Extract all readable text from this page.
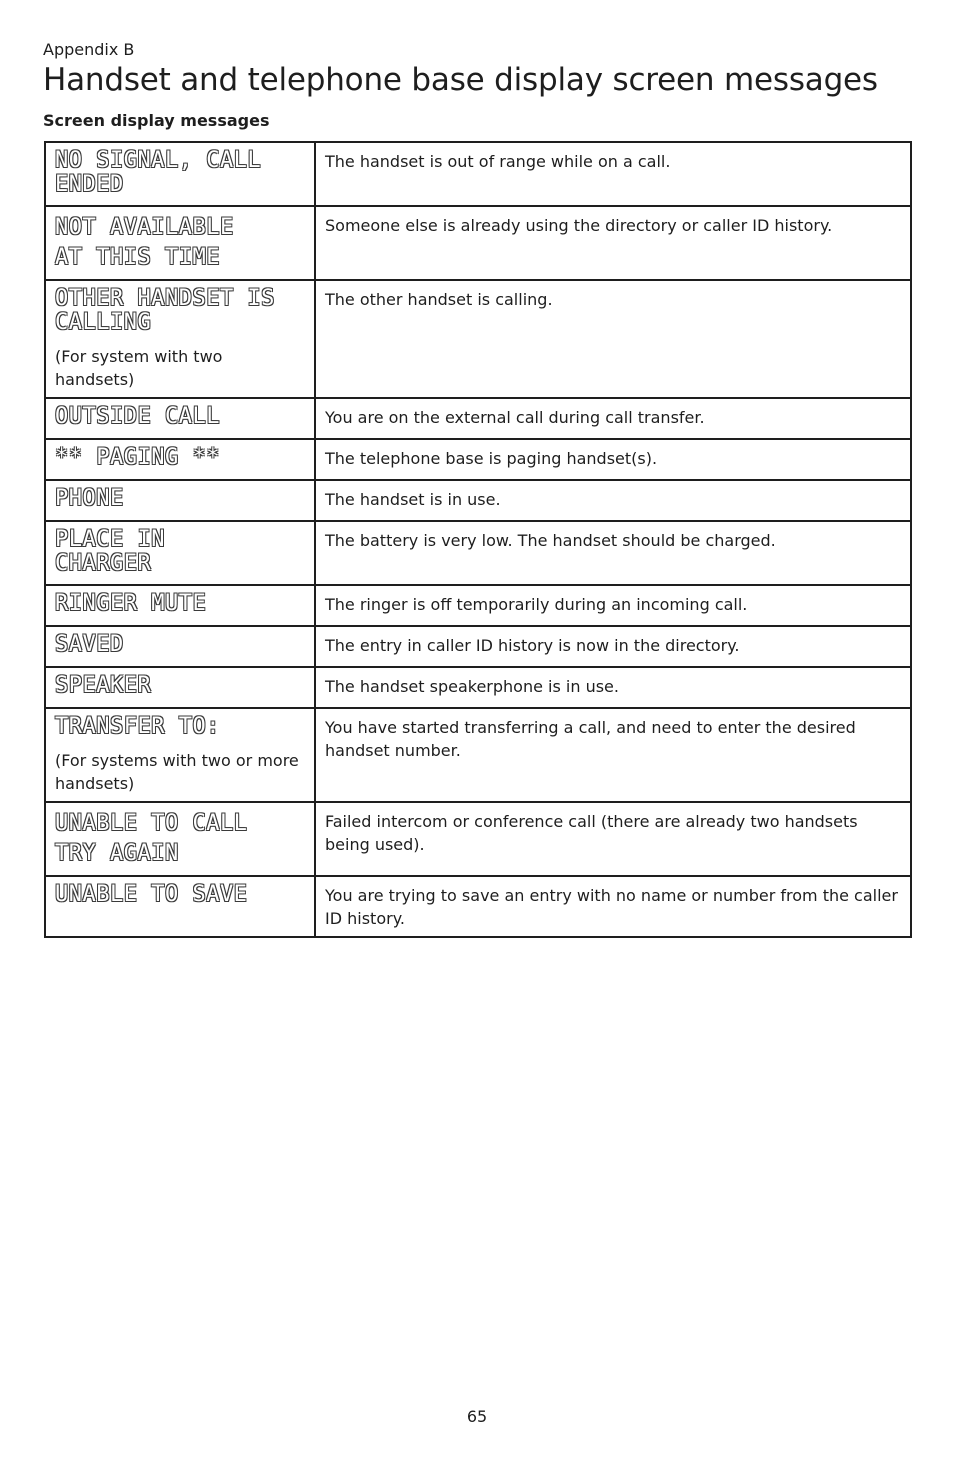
Appendix B
Handset and telephone base display screen messages
Screen display messages
NO SIGNAL, CALL
ENDED	The handset is out of range while on a call.

NOT AVAILABLE
AT THIS TIME	Someone else is already using the directory or caller ID history.

OTHER HANDSET IS
CALLING
(For system with two handsets)	The other handset is calling.

OUTSIDE CALL	You are on the external call during call transfer.

** PAGING **	The telephone base is paging handset(s).

PHONE	The handset is in use.

PLACE IN
CHARGER	The battery is very low. The handset should be charged.

RINGER MUTE	The ringer is off temporarily during an incoming call.

SAVED	The entry in caller ID history is now in the directory.

SPEAKER	The handset speakerphone is in use.

TRANSFER TO:
(For systems with two or more handsets)	You have started transferring a call, and need to enter the desired handset number.

UNABLE TO CALL
TRY AGAIN	Failed intercom or conference call (there are already two handsets being used).

UNABLE TO SAVE	You are trying to save an entry with no name or number from the caller ID history.
65
